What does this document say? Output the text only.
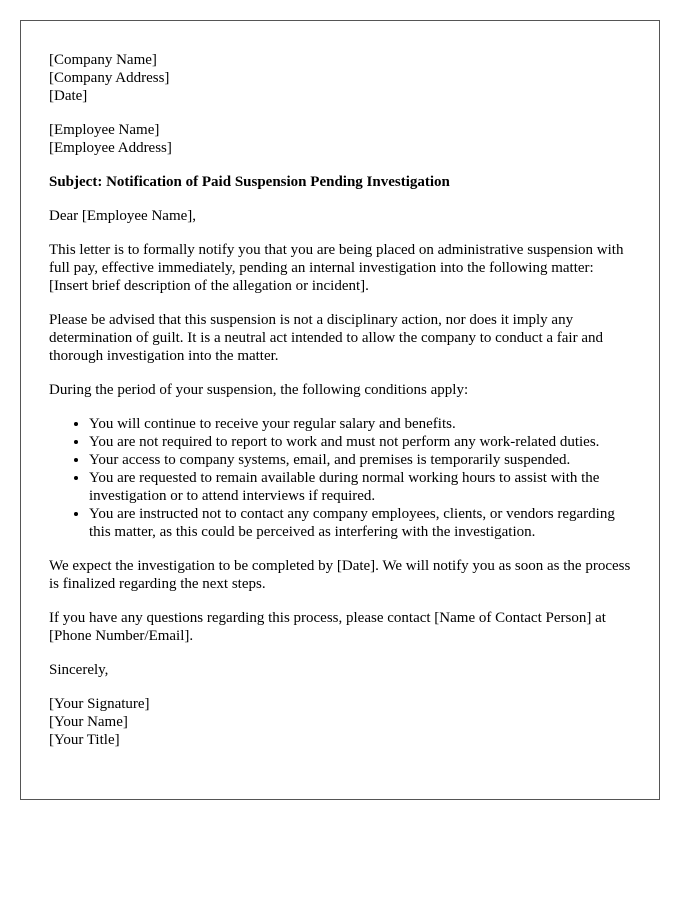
[Company Name]
[Company Address]
[Date]
[Employee Name]
[Employee Address]

Subject: Notification of Paid Suspension Pending Investigation

Dear [Employee Name],

This letter is to formally notify you that you are being placed on administrative suspension with full pay, effective immediately, pending an internal investigation into the following matter: [Insert brief description of the allegation or incident].

Please be advised that this suspension is not a disciplinary action, nor does it imply any determination of guilt. It is a neutral act intended to allow the company to conduct a fair and thorough investigation into the matter.

During the period of your suspension, the following conditions apply:

• You will continue to receive your regular salary and benefits.
• You are not required to report to work and must not perform any work-related duties.
• Your access to company systems, email, and premises is temporarily suspended.
• You are requested to remain available during normal working hours to assist with the investigation or to attend interviews if required.
• You are instructed not to contact any company employees, clients, or vendors regarding this matter, as this could be perceived as interfering with the investigation.

We expect the investigation to be completed by [Date]. We will notify you as soon as the process is finalized regarding the next steps.

If you have any questions regarding this process, please contact [Name of Contact Person] at [Phone Number/Email].

Sincerely,

[Your Signature]
[Your Name]
[Your Title]
